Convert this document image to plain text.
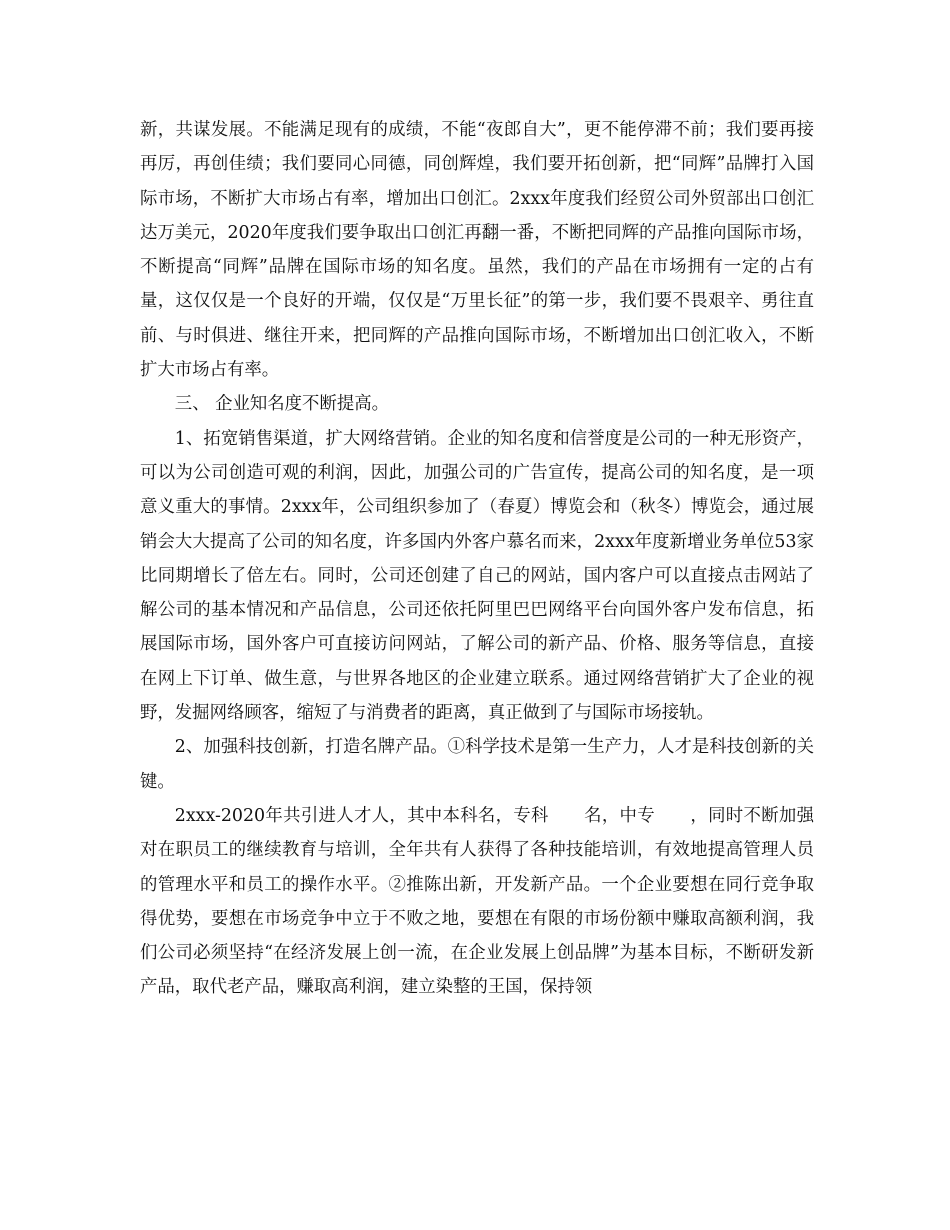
新，共谋发展。不能满足现有的成绩，不能“夜郎自大”，更不能停滞不前；我们要再接再厉，再创佳绩；我们要同心同德，同创辉煌，我们要开拓创新，把“同辉”品牌打入国际市场，不断扩大市场占有率，增加出口创汇。2xxx年度我们经贸公司外贸部出口创汇达万美元，2020年度我们要争取出口创汇再翻一番，不断把同辉的产品推向国际市场，不断提高“同辉”品牌在国际市场的知名度。虽然，我们的产品在市场拥有一定的占有量，这仅仅是一个良好的开端，仅仅是“万里长征”的第一步，我们要不畏艰辛、勇往直前、与时俱进、继往开来，把同辉的产品推向国际市场，不断增加出口创汇收入，不断扩大市场占有率。

三、 企业知名度不断提高。

1、拓宽销售渠道，扩大网络营销。企业的知名度和信誉度是公司的一种无形资产，可以为公司创造可观的利润，因此，加强公司的广告宣传，提高公司的知名度，是一项意义重大的事情。2xxx年，公司组织参加了（春夏）博览会和（秋冬）博览会，通过展销会大大提高了公司的知名度，许多国内外客户慕名而来，2xxx年度新增业务单位53家比同期增长了倍左右。同时，公司还创建了自己的网站，国内客户可以直接点击网站了解公司的基本情况和产品信息，公司还依托阿里巴巴网络平台向国外客户发布信息，拓展国际市场，国外客户可直接访问网站，了解公司的新产品、价格、服务等信息，直接在网上下订单、做生意，与世界各地区的企业建立联系。通过网络营销扩大了企业的视野，发掘网络顾客，缩短了与消费者的距离，真正做到了与国际市场接轨。

2、加强科技创新，打造名牌产品。①科学技术是第一生产力，人才是科技创新的关键。

2xxx-2020年共引进人才人，其中本科名，专科　　名，中专　　，同时不断加强对在职员工的继续教育与培训，全年共有人获得了各种技能培训，有效地提高管理人员的管理水平和员工的操作水平。②推陈出新，开发新产品。一个企业要想在同行竞争取得优势，要想在市场竞争中立于不败之地，要想在有限的市场份额中赚取高额利润，我们公司必须坚持“在经济发展上创一流，在企业发展上创品牌”为基本目标，不断研发新产品，取代老产品，赚取高利润，建立染整的王国，保持领
